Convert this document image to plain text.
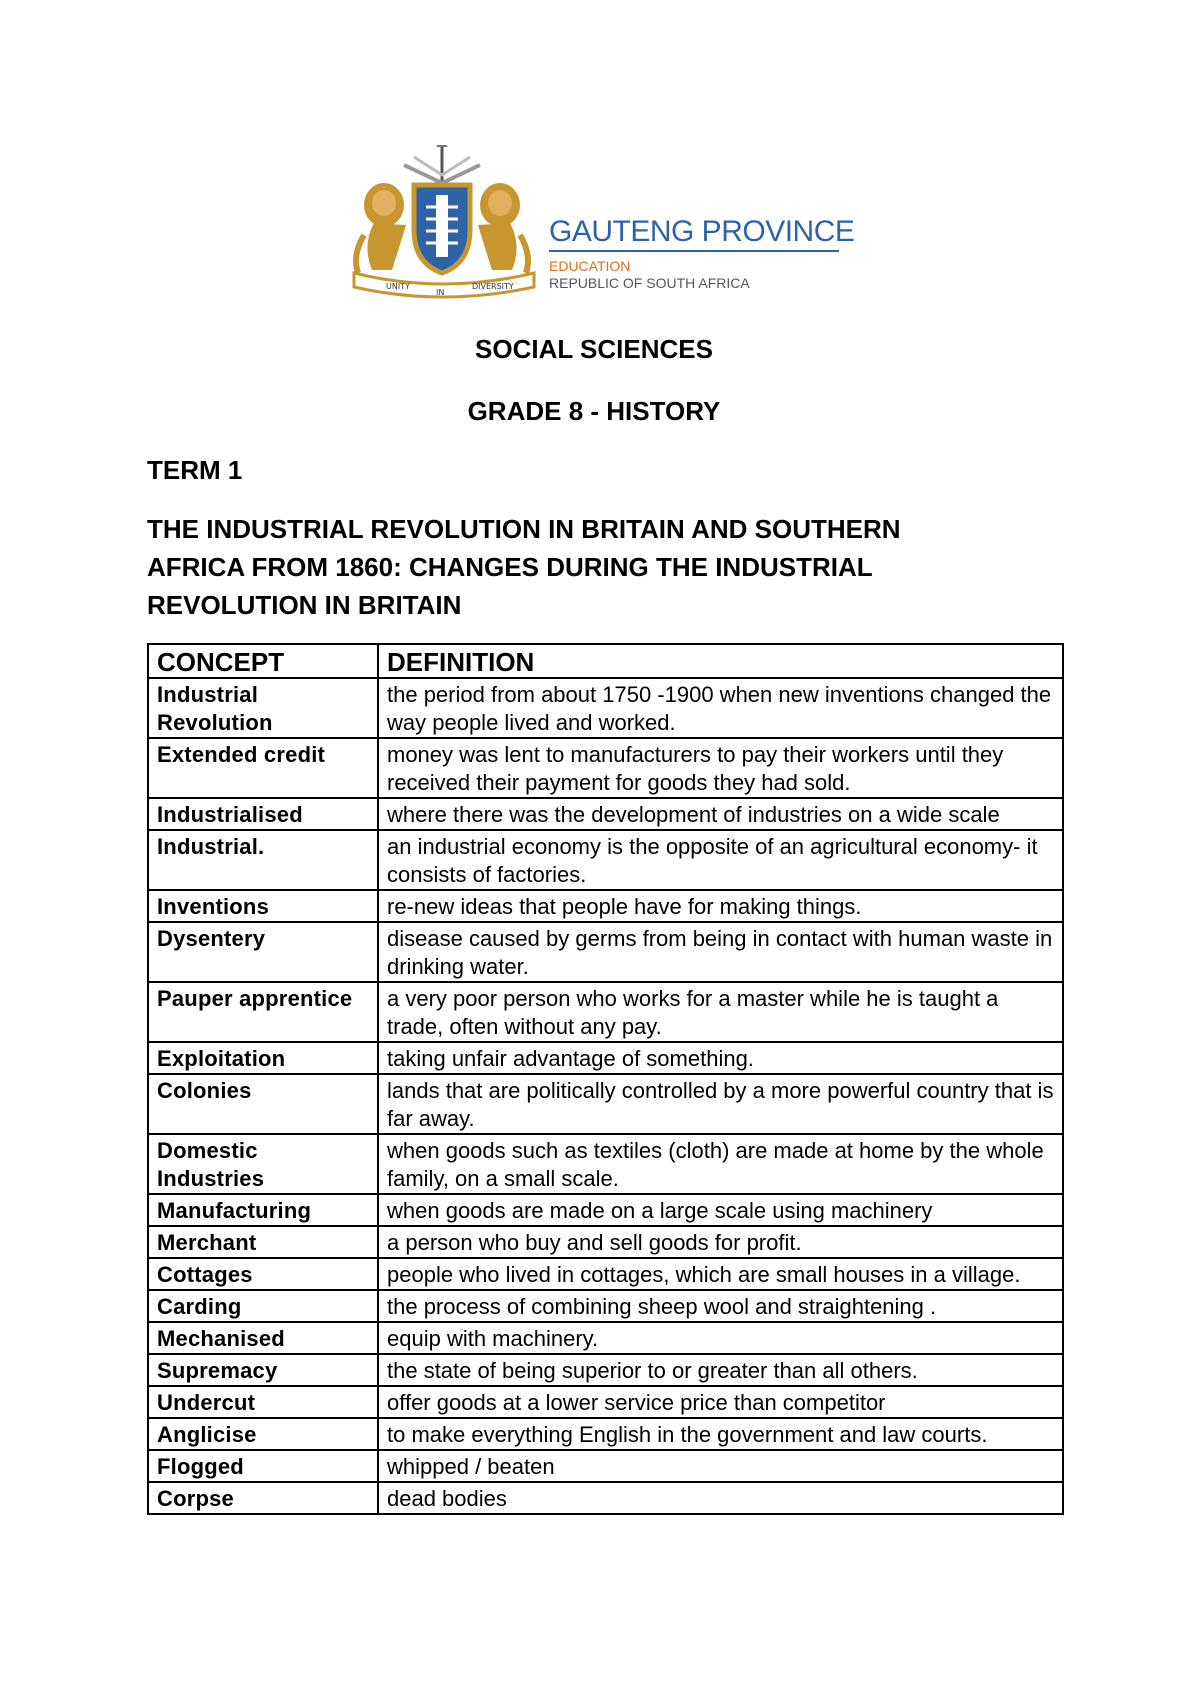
UNITY
IN
DIVERSITY
GAUTENG PROVINCE
EDUCATION
REPUBLIC OF SOUTH AFRICA
SOCIAL SCIENCES
GRADE 8 - HISTORY
TERM 1
THE INDUSTRIAL REVOLUTION IN BRITAIN AND SOUTHERN
AFRICA FROM 1860: CHANGES DURING THE INDUSTRIAL
REVOLUTION IN BRITAIN
CONCEPT	DEFINITION
Industrial Revolution	the period from about 1750 -1900 when new inventions changed the way people lived and worked.
Extended credit	money was lent to manufacturers to pay their workers until they received their payment for goods they had sold.
Industrialised	where there was the development of industries on a wide scale
Industrial.	an industrial economy is the opposite of an agricultural economy- it consists of factories.
Inventions	re-new ideas that people have for making things.
Dysentery	disease caused by germs from being in contact with human waste in drinking water.
Pauper apprentice	a very poor person who works for a master while he is taught a trade, often without any pay.
Exploitation	taking unfair advantage of something.
Colonies	lands that are politically controlled by a more powerful country that is far away.
Domestic Industries	when goods such as textiles (cloth) are made at home by the whole family, on a small scale.
Manufacturing	when goods are made on a large scale using machinery
Merchant	a person who buy and sell goods for profit.
Cottages	people who lived in cottages, which are small houses in a village.
Carding	the process of combining sheep wool and straightening .
Mechanised	equip with machinery.
Supremacy	the state of being superior to or greater than all others.
Undercut	offer goods at a lower service price than competitor
Anglicise	to make everything English in the government and law courts.
Flogged	whipped / beaten
Corpse	dead bodies
